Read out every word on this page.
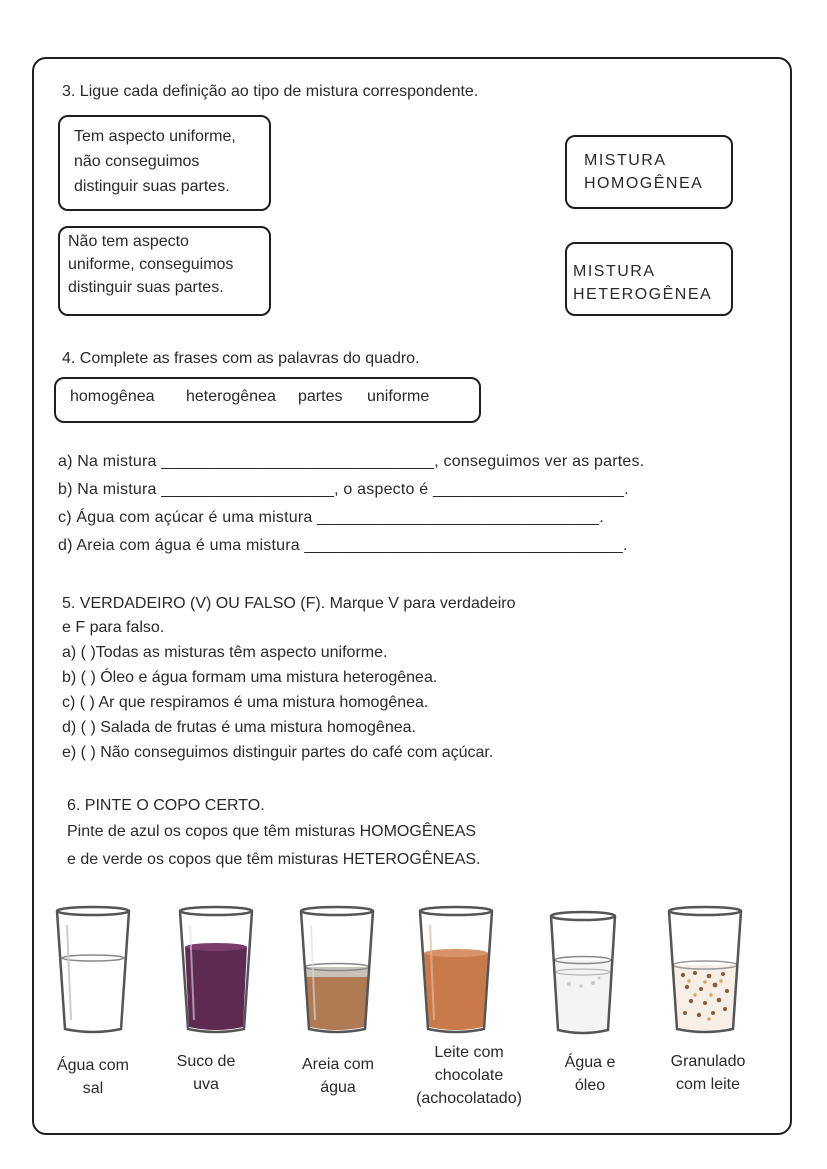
3. Ligue cada definição ao tipo de mistura correspondente.
Tem aspecto uniforme,
não conseguimos
distinguir suas partes.
Não tem aspecto
uniforme, conseguimos
distinguir suas partes.
MISTURA
HOMOGÊNEA
MISTURA
HETEROGÊNEA
4. Complete as frases com as palavras do quadro.
homogênea heterogênea partes uniforme
a) Na mistura ______________________________, conseguimos ver as partes.
b) Na mistura ___________________, o aspecto é _____________________.
c) Água com açúcar é uma mistura _______________________________.
d) Areia com água é uma mistura ___________________________________.
5. VERDADEIRO (V) OU FALSO (F). Marque V para verdadeiro
e F para falso.
a) ( )Todas as misturas têm aspecto uniforme.
b) ( ) Óleo e água formam uma mistura heterogênea.
c) ( ) Ar que respiramos é uma mistura homogênea.
d) ( ) Salada de frutas é uma mistura homogênea.
e) ( ) Não conseguimos distinguir partes do café com açúcar.
6. PINTE O COPO CERTO.
Pinte de azul os copos que têm misturas HOMOGÊNEAS
e de verde os copos que têm misturas HETEROGÊNEAS.
Água com
sal
Suco de
uva
Areia com
água
Leite com
chocolate
(achocolatado)
Água e
óleo
Granulado
com leite
